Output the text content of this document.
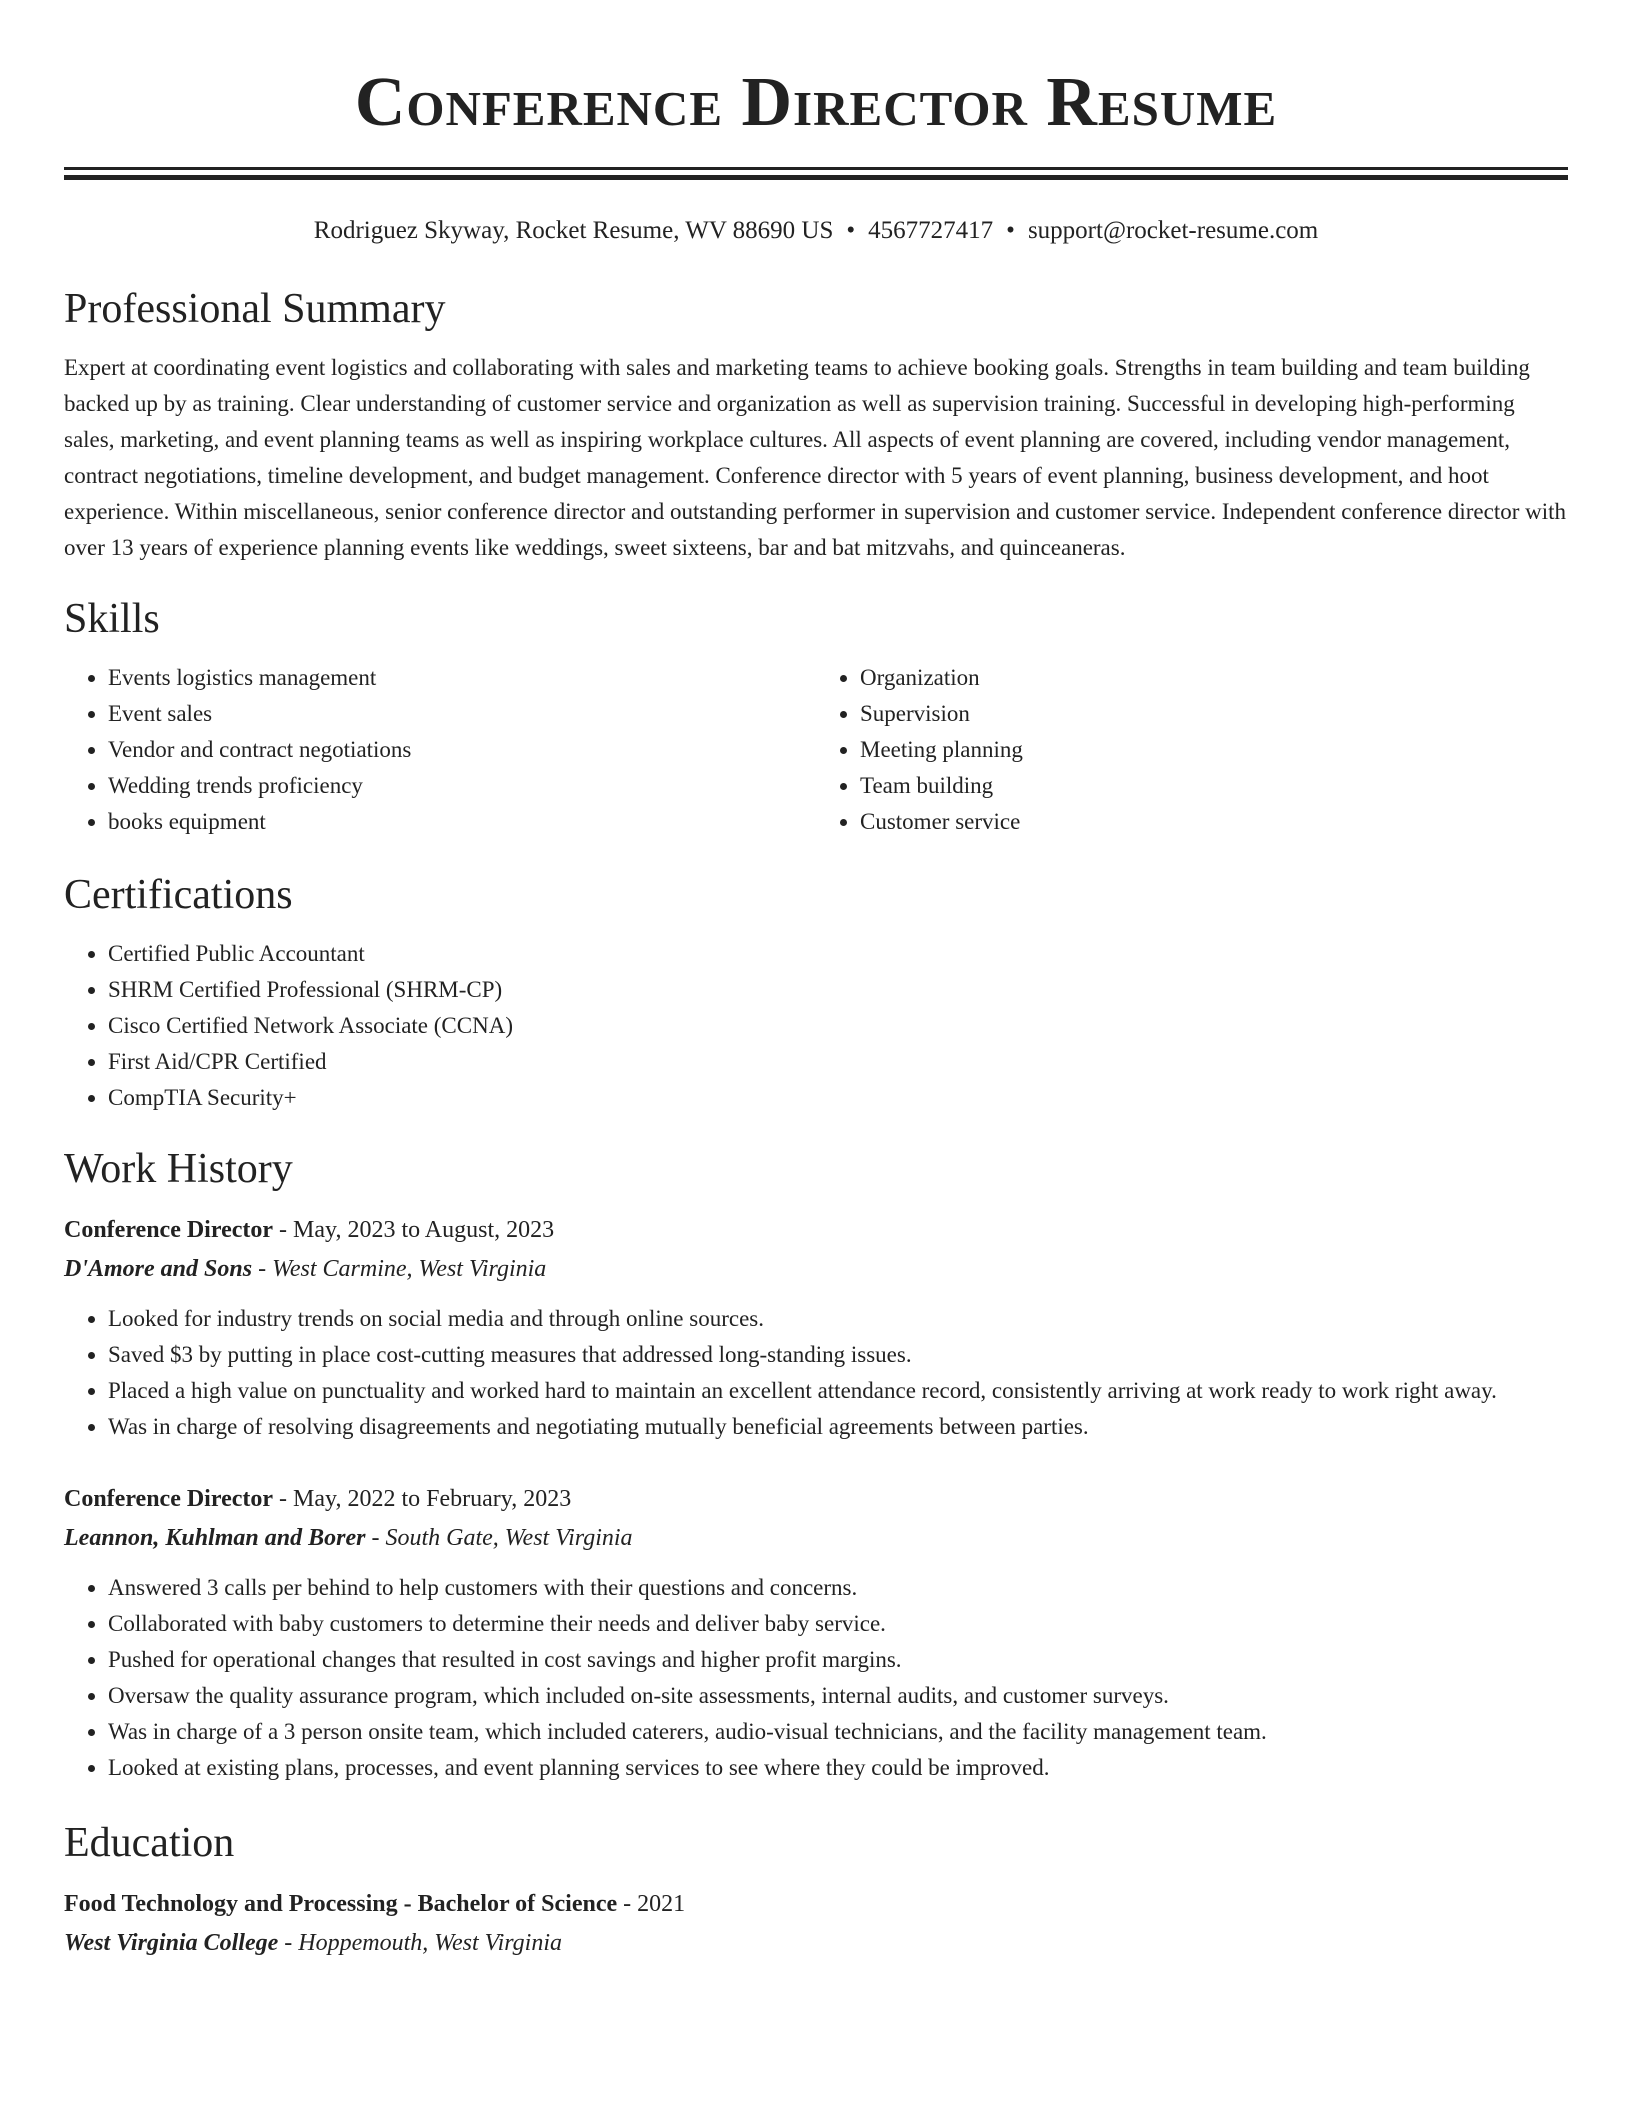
Conference Director Resume
Rodriguez Skyway, Rocket Resume, WV 88690 US • 4567727417 • support@rocket-resume.com
Professional Summary

Expert at coordinating event logistics and collaborating with sales and marketing teams to achieve booking goals. Strengths in team building and team building backed up by as training. Clear understanding of customer service and organization as well as supervision training. Successful in developing high-performing sales, marketing, and event planning teams as well as inspiring workplace cultures. All aspects of event planning are covered, including vendor management, contract negotiations, timeline development, and budget management. Conference director with 5 years of event planning, business development, and hoot experience. Within miscellaneous, senior conference director and outstanding performer in supervision and customer service. Independent conference director with over 13 years of experience planning events like weddings, sweet sixteens, bar and bat mitzvahs, and quinceaneras.

Skills
• Events logistics management
• Event sales
• Vendor and contract negotiations
• Wedding trends proficiency
• books equipment
• Organization
• Supervision
• Meeting planning
• Team building
• Customer service
Certifications
• Certified Public Accountant
• SHRM Certified Professional (SHRM-CP)
• Cisco Certified Network Associate (CCNA)
• First Aid/CPR Certified
• CompTIA Security+
Work History
Conference Director - May, 2023 to August, 2023
D'Amore and Sons - West Carmine, West Virginia
• Looked for industry trends on social media and through online sources.
• Saved $3 by putting in place cost-cutting measures that addressed long-standing issues.
• Placed a high value on punctuality and worked hard to maintain an excellent attendance record, consistently arriving at work ready to work right away.
• Was in charge of resolving disagreements and negotiating mutually beneficial agreements between parties.
Conference Director - May, 2022 to February, 2023
Leannon, Kuhlman and Borer - South Gate, West Virginia
• Answered 3 calls per behind to help customers with their questions and concerns.
• Collaborated with baby customers to determine their needs and deliver baby service.
• Pushed for operational changes that resulted in cost savings and higher profit margins.
• Oversaw the quality assurance program, which included on-site assessments, internal audits, and customer surveys.
• Was in charge of a 3 person onsite team, which included caterers, audio-visual technicians, and the facility management team.
• Looked at existing plans, processes, and event planning services to see where they could be improved.
Education
Food Technology and Processing - Bachelor of Science - 2021
West Virginia College - Hoppemouth, West Virginia
